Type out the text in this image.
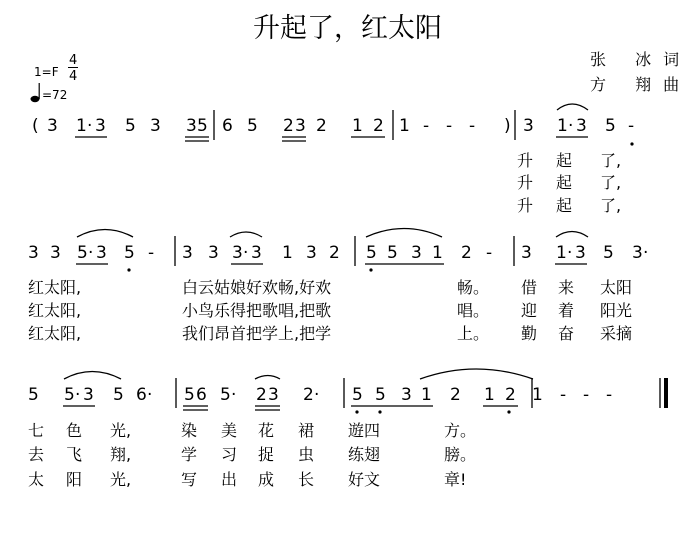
升起了，红太阳
张 冰词
方 翔曲
1=F
4
4
=72
( 3 1 · 3 5 3 3 5 6 5 2 3 2 1 2 1 - - - ) 3 1 · 3 5 -
升 起 了,
升 起 了,
升 起 了,
3 3 5 · 3 5 - 3 3 3 · 3 1 3 2 5 5 3 1 2 - 3 1 · 3 5 3 ·
红太阳,	白云姑娘好欢畅,好欢	畅。 借 来 太阳
红太阳,	小鸟乐得把歌唱,把歌	唱。 迎 着 阳光
红太阳,	我们昂首把学上,把学	上。 勤 奋 采摘
5 5 · 3 5 6 · 5 6 5 · 2 3 2 · 5 5 3 1 2 1 2 1 - - -
七 色 光,	染 美 花 裙 遊四	方。
去 飞 翔,	学 习 捉 虫 练翅	膀。
太 阳 光,	写 出 成 长 好文	章!
